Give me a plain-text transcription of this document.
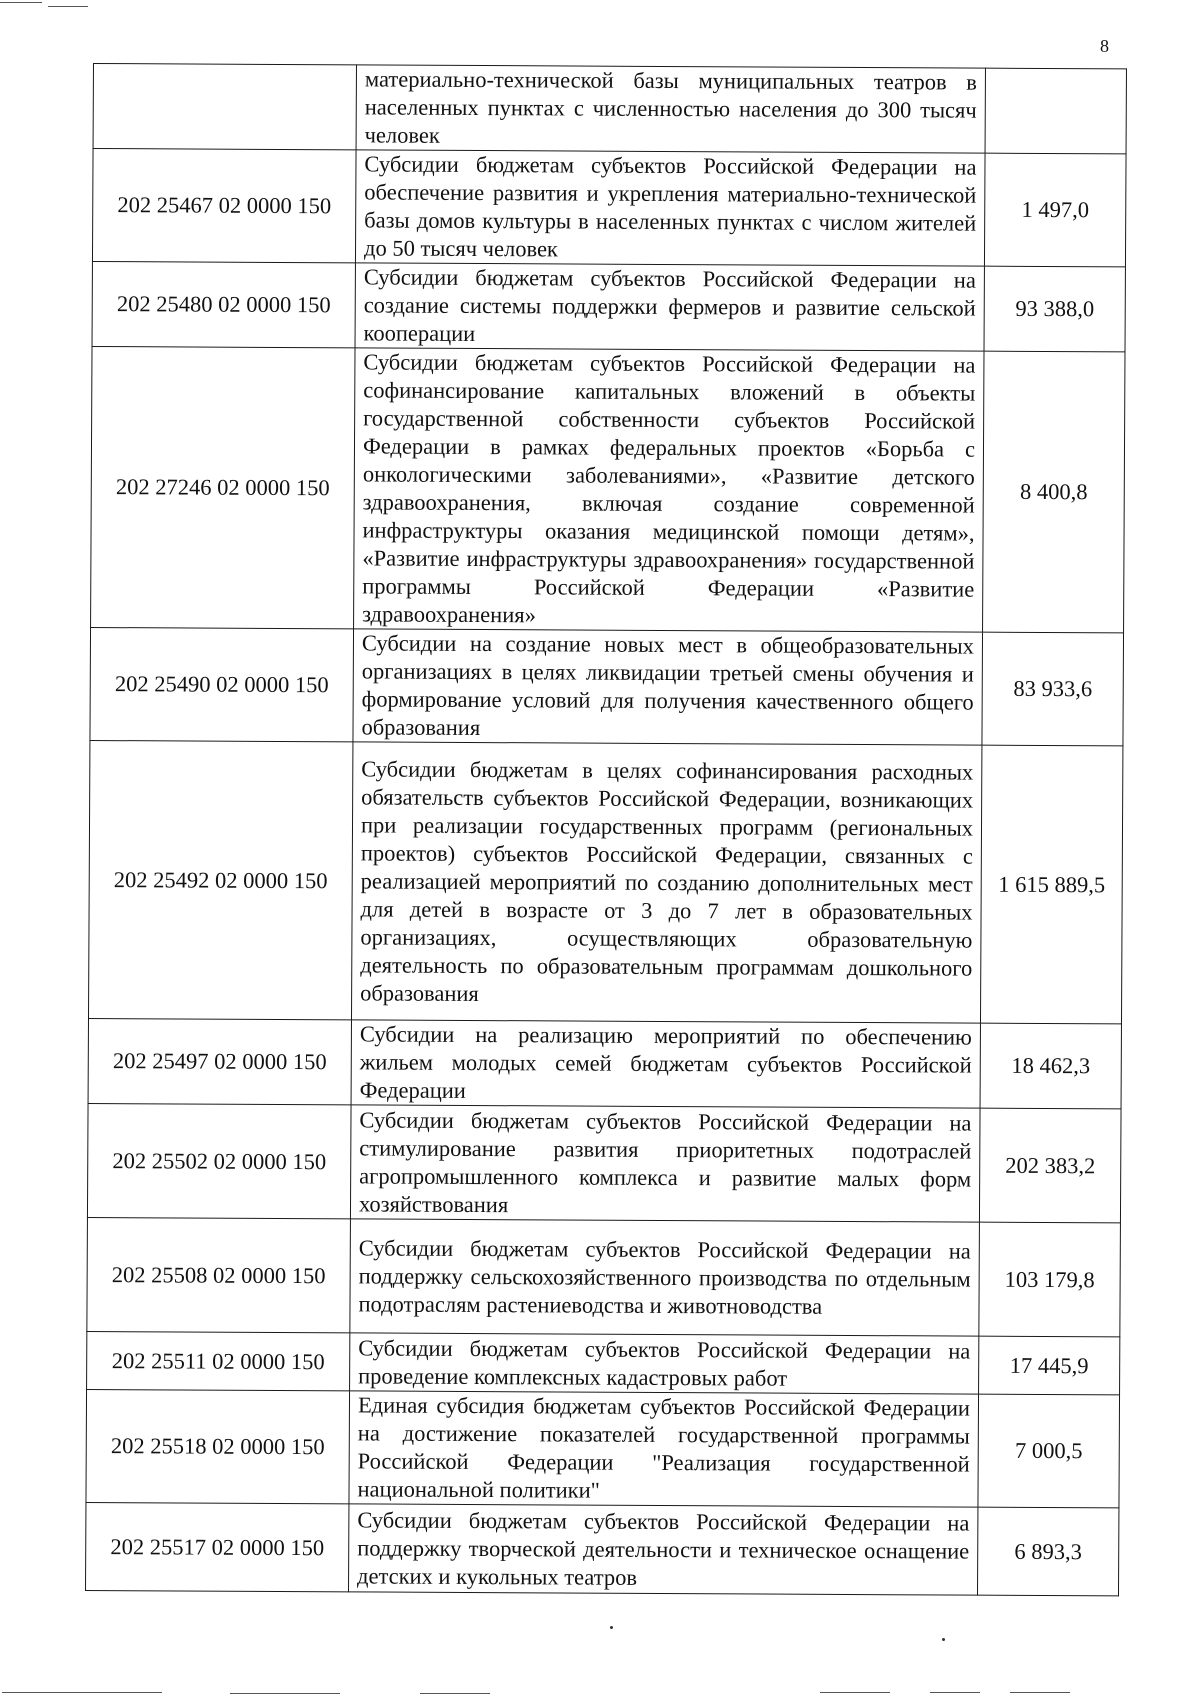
8
	материально-технической базы муниципальных театров в населенных пунктах с численностью населения до 300 тысяч человек	
202 25467 02 0000 150	Субсидии бюджетам субъектов Российской Федерации на обеспечение развития и укрепления материально-технической базы домов культуры в населенных пунктах с числом жителей до 50 тысяч человек	1 497,0
202 25480 02 0000 150	Субсидии бюджетам субъектов Российской Федерации на создание системы поддержки фермеров и развитие сельской кооперации	93 388,0
202 27246 02 0000 150	Субсидии бюджетам субъектов Российской Федерации на софинансирование капитальных вложений в объекты государственной собственности субъектов Российской Федерации в рамках федеральных проектов «Борьба с онкологическими заболеваниями», «Развитие детского здравоохранения, включая создание современной инфраструктуры оказания медицинской помощи детям», «Развитие инфраструктуры здравоохранения» государственной программы Российской Федерации «Развитие здравоохранения»	8 400,8
202 25490 02 0000 150	Субсидии на создание новых мест в общеобразовательных организациях в целях ликвидации третьей смены обучения и формирование условий для получения качественного общего образования	83 933,6
202 25492 02 0000 150	Субсидии бюджетам в целях софинансирования расходных обязательств субъектов Российской Федерации, возникающих при реализации государственных программ (региональных проектов) субъектов Российской Федерации, связанных с реализацией мероприятий по созданию дополнительных мест для детей в возрасте от 3 до 7 лет в образовательных организациях, осуществляющих образовательную деятельность по образовательным программам дошкольного образования	1 615 889,5
202 25497 02 0000 150	Субсидии на реализацию мероприятий по обеспечению жильем молодых семей бюджетам субъектов Российской Федерации	18 462,3
202 25502 02 0000 150	Субсидии бюджетам субъектов Российской Федерации на стимулирование развития приоритетных подотраслей агропромышленного комплекса и развитие малых форм хозяйствования	202 383,2
202 25508 02 0000 150	Субсидии бюджетам субъектов Российской Федерации на поддержку сельскохозяйственного производства по отдельным подотраслям растениеводства и животноводства	103 179,8
202 25511 02 0000 150	Субсидии бюджетам субъектов Российской Федерации на проведение комплексных кадастровых работ	17 445,9
202 25518 02 0000 150	Единая субсидия бюджетам субъектов Российской Федерации на достижение показателей государственной программы Российской Федерации "Реализация государственной национальной политики"	7 000,5
202 25517 02 0000 150	Субсидии бюджетам субъектов Российской Федерации на поддержку творческой деятельности и техническое оснащение детских и кукольных театров	6 893,3
